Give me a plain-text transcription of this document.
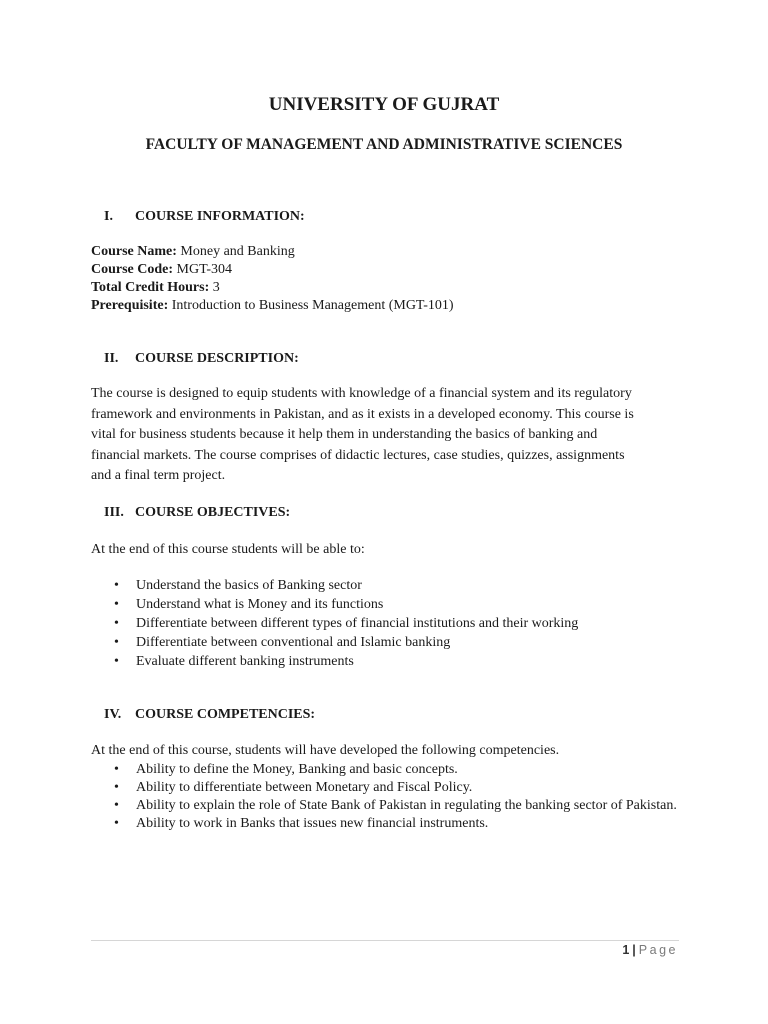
UNIVERSITY OF GUJRAT
FACULTY OF MANAGEMENT AND ADMINISTRATIVE SCIENCES
I. COURSE INFORMATION:
Course Name: Money and Banking
Course Code: MGT-304
Total Credit Hours: 3
Prerequisite: Introduction to Business Management (MGT-101)
II. COURSE DESCRIPTION:
The course is designed to equip students with knowledge of a financial system and its regulatory
framework and environments in Pakistan, and as it exists in a developed economy. This course is
vital for business students because it help them in understanding the basics of banking and
financial markets. The course comprises of didactic lectures, case studies, quizzes, assignments
and a final term project.
III. COURSE OBJECTIVES:
At the end of this course students will be able to:
• Understand the basics of Banking sector
• Understand what is Money and its functions
• Differentiate between different types of financial institutions and their working
• Differentiate between conventional and Islamic banking
• Evaluate different banking instruments
IV. COURSE COMPETENCIES:
At the end of this course, students will have developed the following competencies.
• Ability to define the Money, Banking and basic concepts.
• Ability to differentiate between Monetary and Fiscal Policy.
• Ability to explain the role of State Bank of Pakistan in regulating the banking sector of Pakistan.
• Ability to work in Banks that issues new financial instruments.
1 | Page
